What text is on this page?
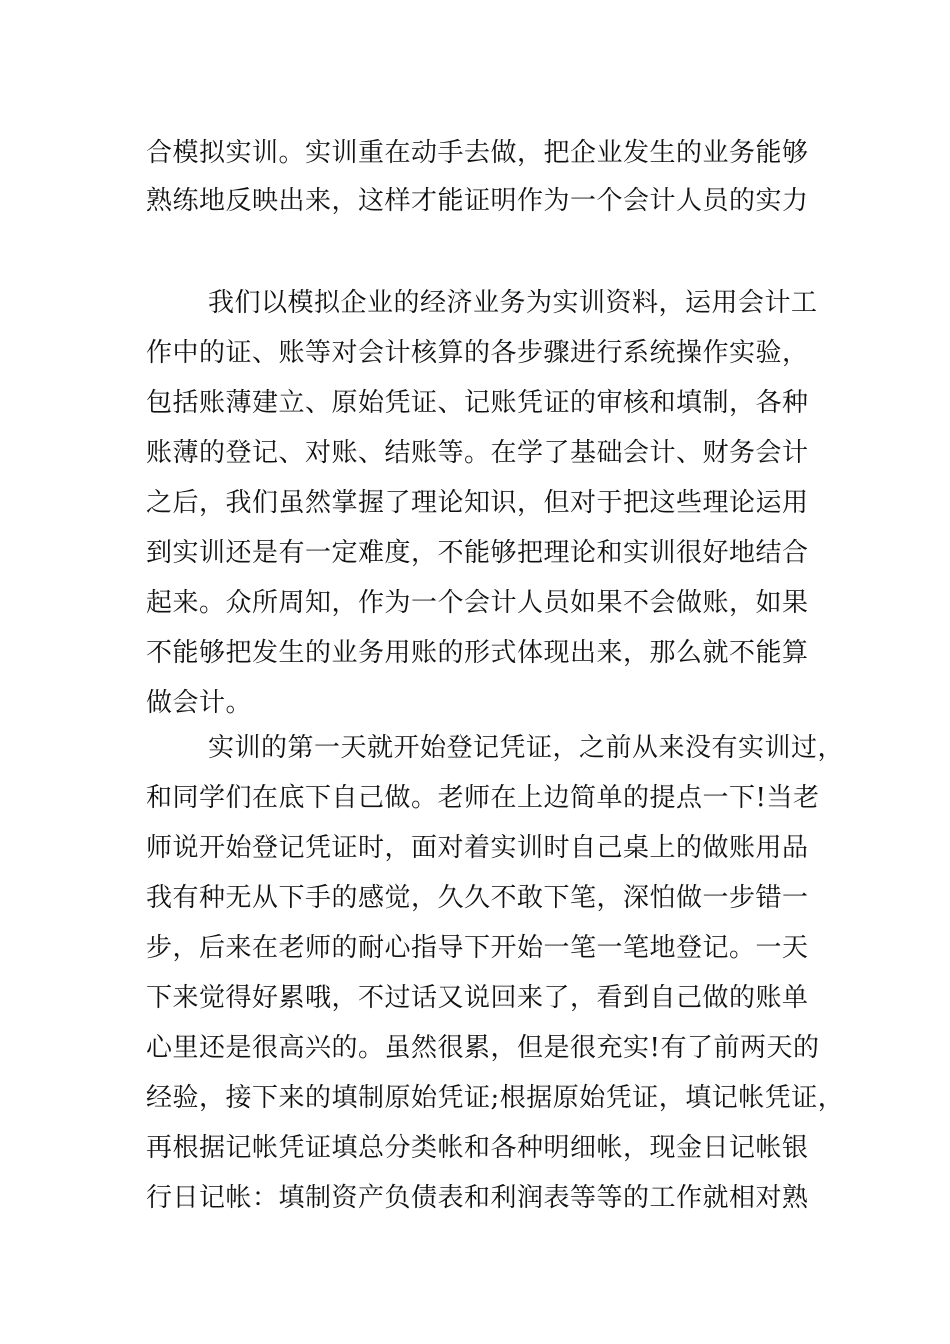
合模拟实训。实训重在动手去做，把企业发生的业务能够
熟练地反映出来，这样才能证明作为一个会计人员的实力
我们以模拟企业的经济业务为实训资料，运用会计工
作中的证、账等对会计核算的各步骤进行系统操作实验，
包括账薄建立、原始凭证、记账凭证的审核和填制，各种
账薄的登记、对账、结账等。在学了基础会计、财务会计
之后，我们虽然掌握了理论知识，但对于把这些理论运用
到实训还是有一定难度，不能够把理论和实训很好地结合
起来。众所周知，作为一个会计人员如果不会做账，如果
不能够把发生的业务用账的形式体现出来，那么就不能算
做会计。
实训的第一天就开始登记凭证，之前从来没有实训过，
和同学们在底下自己做。老师在上边简单的提点一下!当老
师说开始登记凭证时，面对着实训时自己桌上的做账用品
我有种无从下手的感觉，久久不敢下笔，深怕做一步错一
步，后来在老师的耐心指导下开始一笔一笔地登记。一天
下来觉得好累哦，不过话又说回来了，看到自己做的账单
心里还是很高兴的。虽然很累，但是很充实!有了前两天的
经验，接下来的填制原始凭证;根据原始凭证，填记帐凭证，
再根据记帐凭证填总分类帐和各种明细帐，现金日记帐银
行日记帐：填制资产负债表和利润表等等的工作就相对熟
